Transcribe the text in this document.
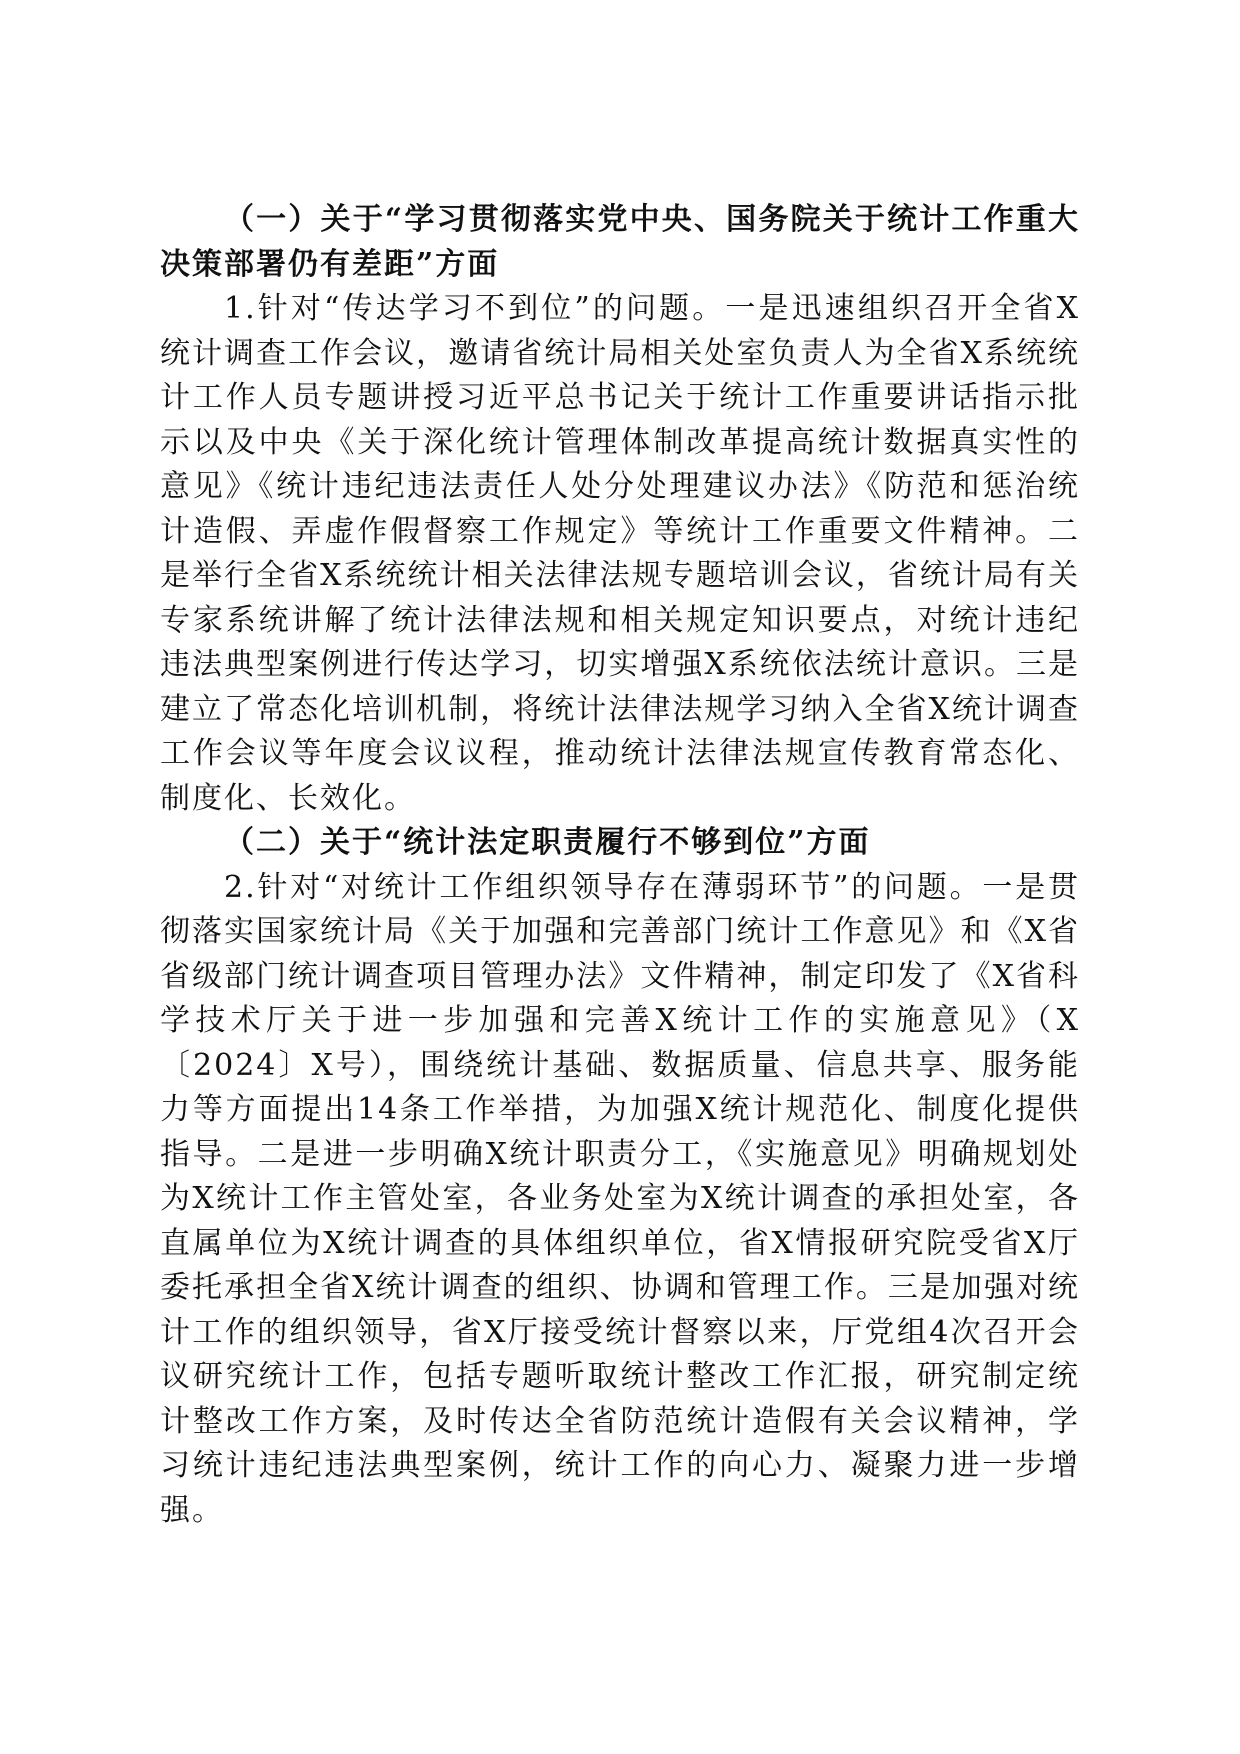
（一）关于“学习贯彻落实党中央、国务院关于统计工作重大决策部署仍有差距”方面

1.针对“传达学习不到位”的问题。一是迅速组织召开全省X统计调查工作会议，邀请省统计局相关处室负责人为全省X系统统计工作人员专题讲授习近平总书记关于统计工作重要讲话指示批示以及中央《关于深化统计管理体制改革提高统计数据真实性的意见》《统计违纪违法责任人处分处理建议办法》《防范和惩治统计造假、弄虚作假督察工作规定》等统计工作重要文件精神。二是举行全省X系统统计相关法律法规专题培训会议，省统计局有关专家系统讲解了统计法律法规和相关规定知识要点，对统计违纪违法典型案例进行传达学习，切实增强X系统依法统计意识。三是建立了常态化培训机制，将统计法律法规学习纳入全省X统计调查工作会议等年度会议议程，推动统计法律法规宣传教育常态化、制度化、长效化。

（二）关于“统计法定职责履行不够到位”方面

2.针对“对统计工作组织领导存在薄弱环节”的问题。一是贯彻落实国家统计局《关于加强和完善部门统计工作意见》和《X省省级部门统计调查项目管理办法》文件精神，制定印发了《X省科学技术厅关于进一步加强和完善X统计工作的实施意见》（X〔2024〕X号），围绕统计基础、数据质量、信息共享、服务能力等方面提出14条工作举措，为加强X统计规范化、制度化提供指导。二是进一步明确X统计职责分工，《实施意见》明确规划处为X统计工作主管处室，各业务处室为X统计调查的承担处室，各直属单位为X统计调查的具体组织单位，省X情报研究院受省X厅委托承担全省X统计调查的组织、协调和管理工作。三是加强对统计工作的组织领导，省X厅接受统计督察以来，厅党组4次召开会议研究统计工作，包括专题听取统计整改工作汇报，研究制定统计整改工作方案，及时传达全省防范统计造假有关会议精神，学习统计违纪违法典型案例，统计工作的向心力、凝聚力进一步增强。
